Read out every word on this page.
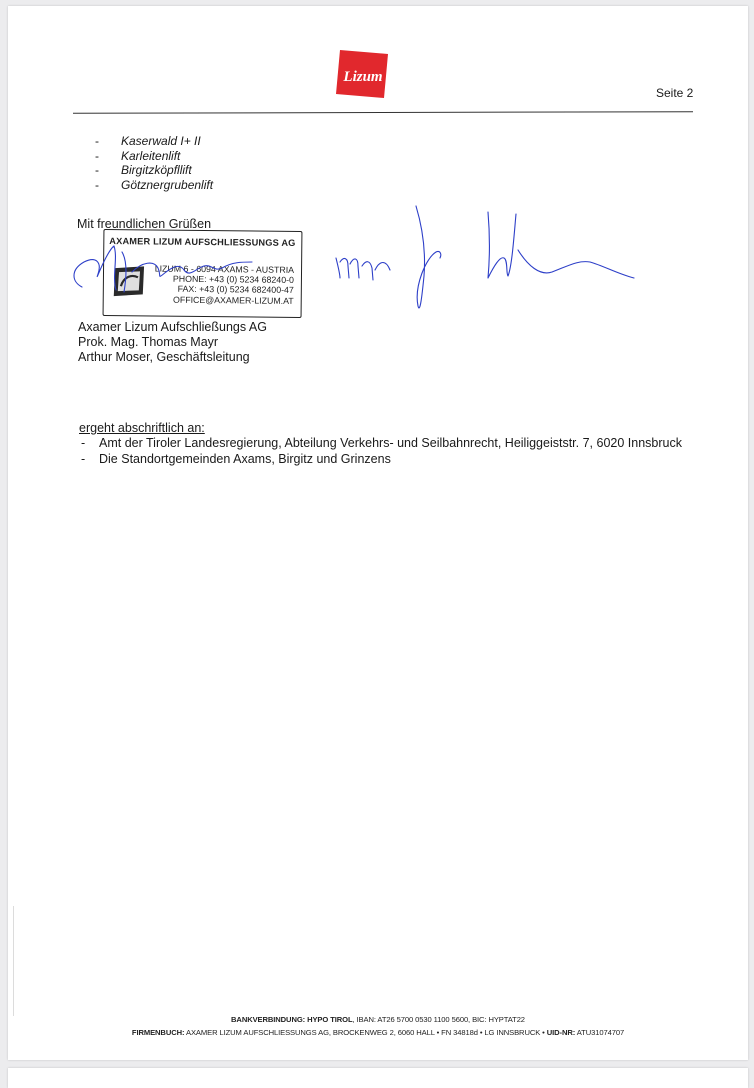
Lizum
Seite 2
- Kaserwald I+ II
- Karleitenlift
- Birgitzköpfllift
- Götznergrubenlift
Mit freundlichen Grüßen
AXAMER LIZUM AUFSCHLIESSUNGS AG
LIZUM 6 - 6094 AXAMS - AUSTRIA
PHONE: +43 (0) 5234 68240-0
FAX: +43 (0) 5234 682400-47
OFFICE@AXAMER-LIZUM.AT
Axamer Lizum Aufschließungs AG
Prok. Mag. Thomas Mayr
Arthur Moser, Geschäftsleitung
ergeht abschriftlich an:
- Amt der Tiroler Landesregierung, Abteilung Verkehrs- und Seilbahnrecht, Heiliggeiststr. 7, 6020 Innsbruck
- Die Standortgemeinden Axams, Birgitz und Grinzens
BANKVERBINDUNG: HYPO TIROL, IBAN: AT26 5700 0530 1100 5600, BIC: HYPTAT22
FIRMENBUCH: AXAMER LIZUM AUFSCHLIESSUNGS AG, BROCKENWEG 2, 6060 HALL • FN 34818d • LG INNSBRUCK • UID-NR: ATU31074707
